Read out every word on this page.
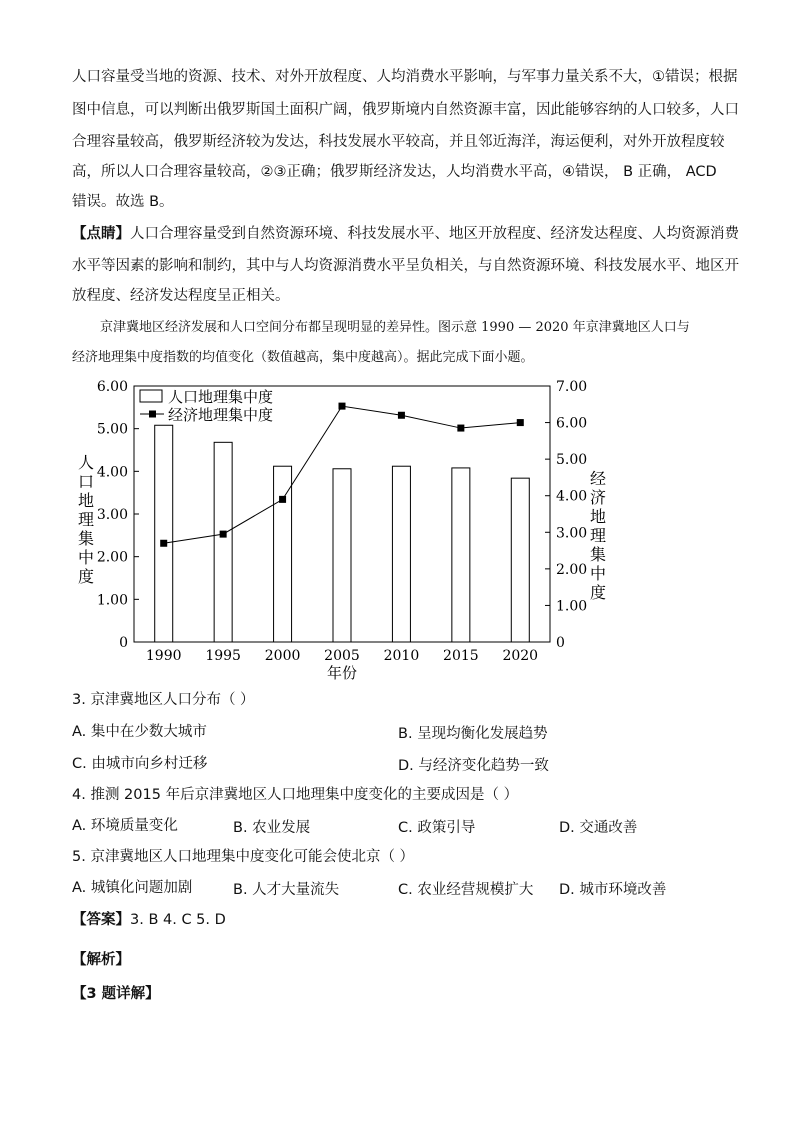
人口容量受当地的资源、技术、对外开放程度、人均消费水平影响，与军事力量关系不大，①错误；根据
图中信息，可以判断出俄罗斯国土面积广阔，俄罗斯境内自然资源丰富，因此能够容纳的人口较多，人口
合理容量较高，俄罗斯经济较为发达，科技发展水平较高，并且邻近海洋，海运便利，对外开放程度较
高，所以人口合理容量较高，②③正确；俄罗斯经济发达，人均消费水平高，④错误， B 正确， ACD
错误。故选 B。
【点睛】人口合理容量受到自然资源环境、科技发展水平、地区开放程度、经济发达程度、人均资源消费
水平等因素的影响和制约，其中与人均资源消费水平呈负相关，与自然资源环境、科技发展水平、地区开
放程度、经济发达程度呈正相关。
京津冀地区经济发展和人口空间分布都呈现明显的差异性。图示意 1990 — 2020 年京津冀地区人口与
经济地理集中度指数的均值变化（数值越高，集中度越高）。据此完成下面小题。
0
1.00
2.00
3.00
4.00
5.00
6.00
0
1.00
2.00
3.00
4.00
5.00
6.00
7.00
1990 1995 2000 2005 2010 2015 2020
年份
人
口
地
理
集
中
度
经
济
地
理
集
中
度
人口地理集中度
经济地理集中度
3. 京津冀地区人口分布（ ）
A. 集中在少数大城市	B. 呈现均衡化发展趋势
C. 由城市向乡村迁移	D. 与经济变化趋势一致
4. 推测 2015 年后京津冀地区人口地理集中度变化的主要成因是（ ）
A. 环境质量变化	B. 农业发展	C. 政策引导	D. 交通改善
5. 京津冀地区人口地理集中度变化可能会使北京（ ）
A. 城镇化问题加剧	B. 人才大量流失	C. 农业经营规模扩大 D. 城市环境改善
【答案】3. B 4. C 5. D
【解析】
【3 题详解】
